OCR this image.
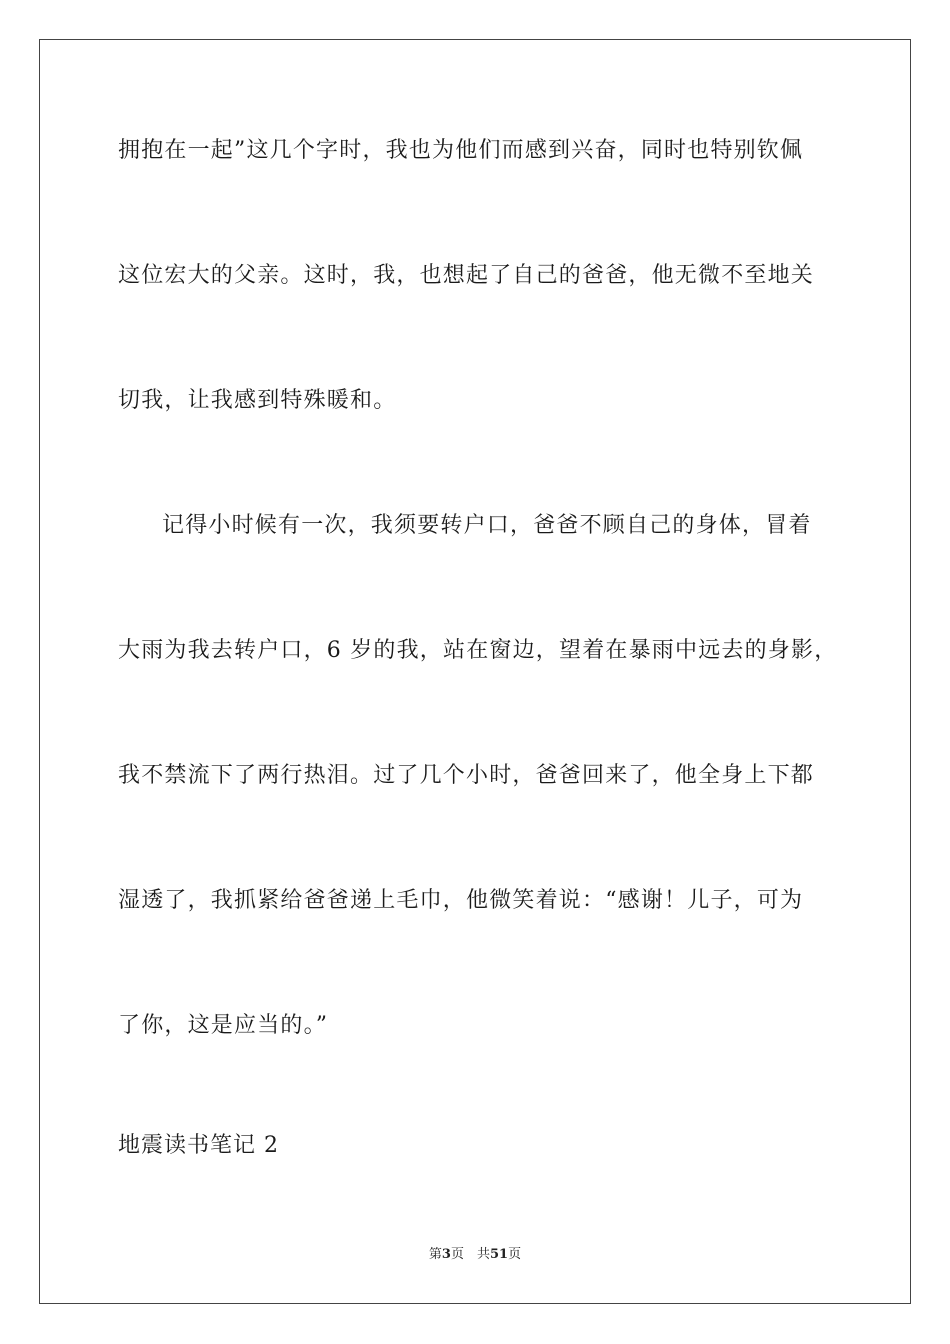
拥抱在一起”这几个字时，我也为他们而感到兴奋，同时也特别钦佩
这位宏大的父亲。这时，我，也想起了自己的爸爸，他无微不至地关
切我，让我感到特殊暖和。
记得小时候有一次，我须要转户口，爸爸不顾自己的身体，冒着
大雨为我去转户口，6 岁的我，站在窗边，望着在暴雨中远去的身影，
我不禁流下了两行热泪。过了几个小时，爸爸回来了，他全身上下都
湿透了，我抓紧给爸爸递上毛巾，他微笑着说：“感谢！儿子，可为
了你，这是应当的。”
地震读书笔记 2
第3页　共51页
